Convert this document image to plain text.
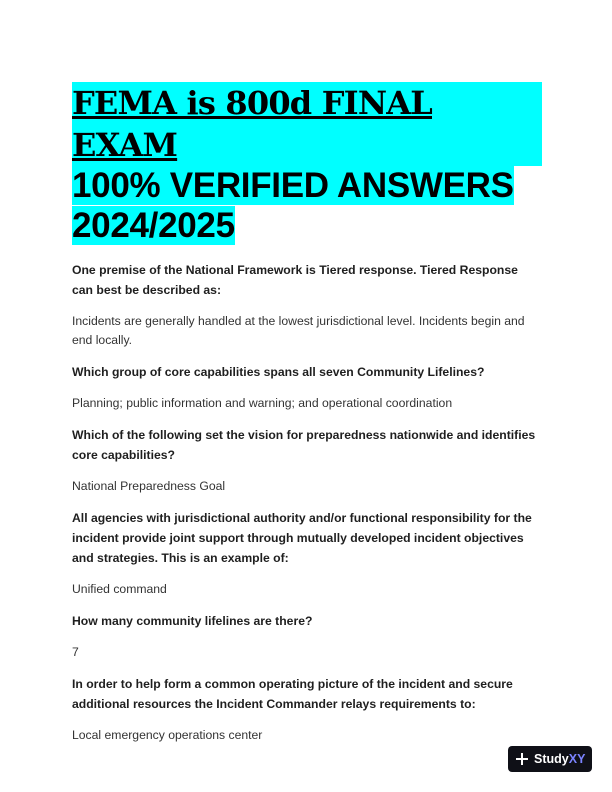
FEMA is 800d FINAL EXAM
100% VERIFIED ANSWERS
2024/2025

One premise of the National Framework is Tiered response. Tiered Response can best be described as:

Incidents are generally handled at the lowest jurisdictional level. Incidents begin and end locally.

Which group of core capabilities spans all seven Community Lifelines?

Planning; public information and warning; and operational coordination

Which of the following set the vision for preparedness nationwide and identifies core capabilities?

National Preparedness Goal

All agencies with jurisdictional authority and/or functional responsibility for the incident provide joint support through mutually developed incident objectives and strategies. This is an example of:

Unified command

How many community lifelines are there?

7

In order to help form a common operating picture of the incident and secure additional resources the Incident Commander relays requirements to:

Local emergency operations center

Study XY
